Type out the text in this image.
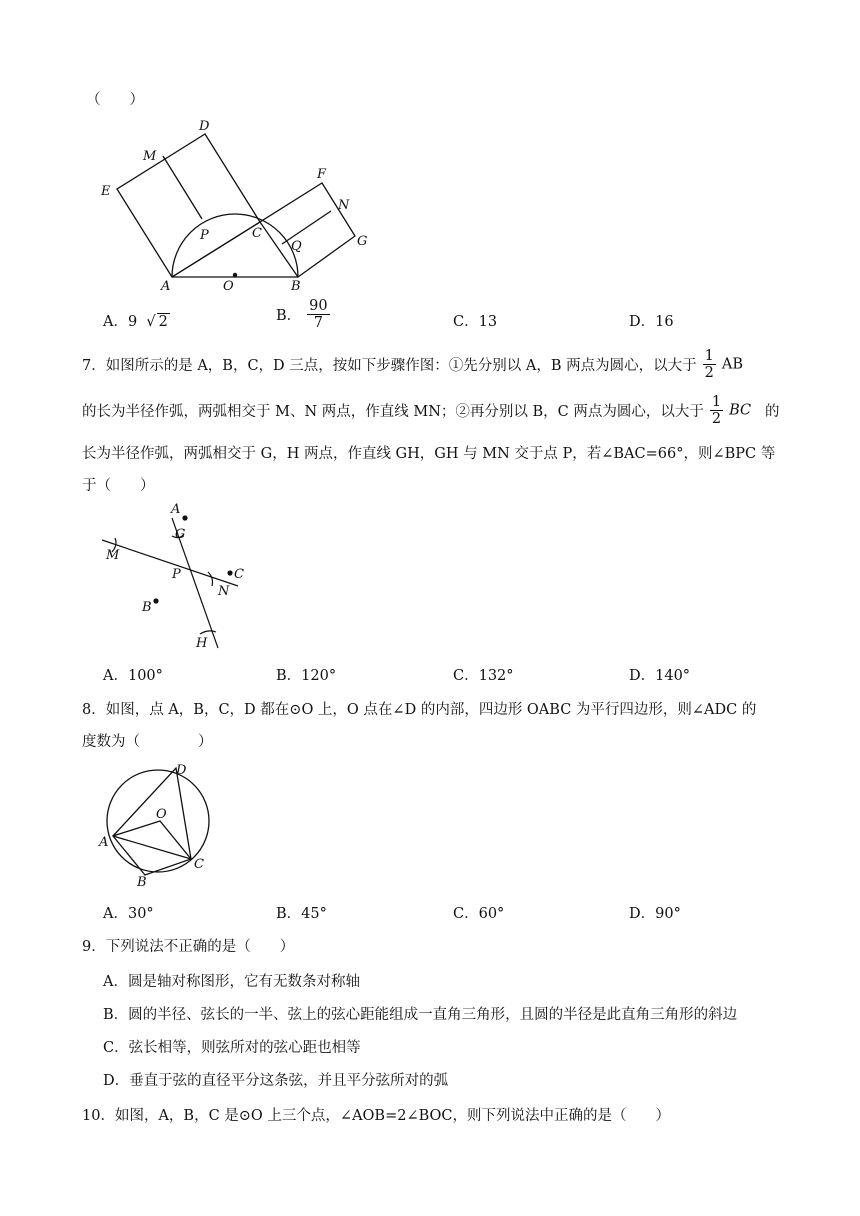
（　　）
D
M
F
E
N
P	C
Q	G
A	O	B
A．9  √ 2	B． $\frac{90}{7}$	C．13	D．16
7．如图所示的是 A，B，C，D 三点，按如下步骤作图：①先分别以 A，B 两点为圆心，以大于 $\frac{1}{2}$ AB
的长为半径作弧，两弧相交于 M、N 两点，作直线 MN；②再分别以 B，C 两点为圆心，以大于 $\frac{1}{2}$ BC 的
长为半径作弧，两弧相交于 G，H 两点，作直线 GH，GH 与 MN 交于点 P，若∠BAC=66°，则∠BPC 等
于（　　）
A
G
M
P	C
N
B
H
A．100°	B．120°	C．132°	D．140°
8．如图，点 A，B，C，D 都在⊙O 上，O 点在∠D 的内部，四边形 OABC 为平行四边形，则∠ADC 的
度数为（　　　　）
D
O
A
C
B
A．30°	B．45°	C．60°	D．90°
9．下列说法不正确的是（　　）
A．圆是轴对称图形，它有无数条对称轴
B．圆的半径、弦长的一半、弦上的弦心距能组成一直角三角形，且圆的半径是此直角三角形的斜边
C．弦长相等，则弦所对的弦心距也相等
D．垂直于弦的直径平分这条弦，并且平分弦所对的弧
10．如图，A，B，C 是⊙O 上三个点，∠AOB=2∠BOC，则下列说法中正确的是（　　）
